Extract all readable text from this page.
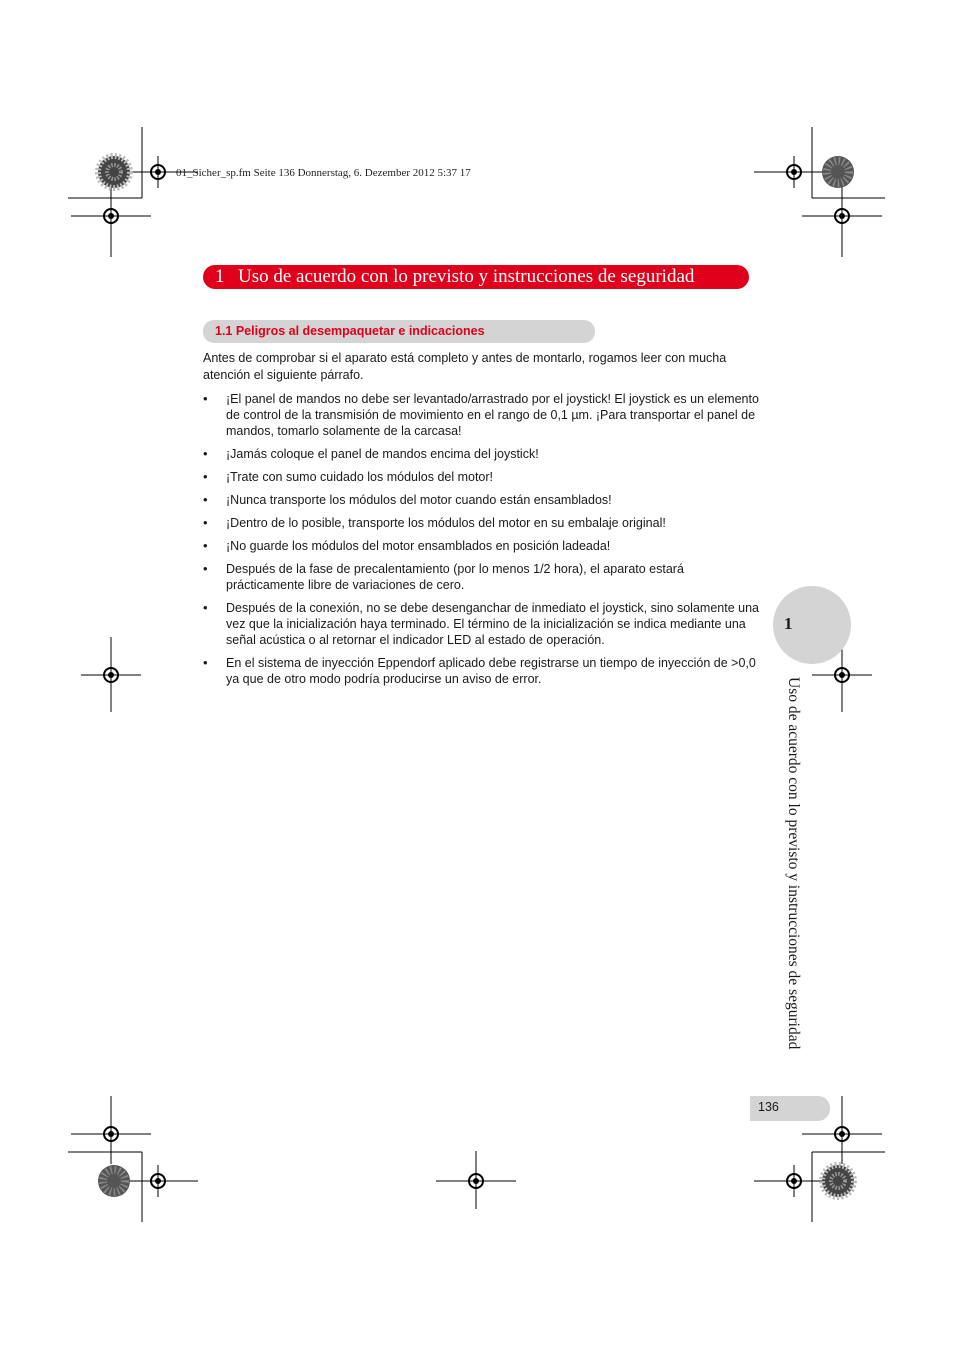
01_Sicher_sp.fm Seite 136 Donnerstag, 6. Dezember 2012 5:37 17
1 Uso de acuerdo con lo previsto y instrucciones de seguridad
1.1 Peligros al desempaquetar e indicaciones
Antes de comprobar si el aparato está completo y antes de montarlo, rogamos leer con mucha atención el siguiente párrafo.
• ¡El panel de mandos no debe ser levantado/arrastrado por el joystick! El joystick es un elemento de control de la transmisión de movimiento en el rango de 0,1 µm. ¡Para transportar el panel de mandos, tomarlo solamente de la carcasa!
• ¡Jamás coloque el panel de mandos encima del joystick!
• ¡Trate con sumo cuidado los módulos del motor!
• ¡Nunca transporte los módulos del motor cuando están ensamblados!
• ¡Dentro de lo posible, transporte los módulos del motor en su embalaje original!
• ¡No guarde los módulos del motor ensamblados en posición ladeada!
• Después de la fase de precalentamiento (por lo menos 1/2 hora), el aparato estará prácticamente libre de variaciones de cero.
• Después de la conexión, no se debe desenganchar de inmediato el joystick, sino solamente una vez que la inicialización haya terminado. El término de la inicialización se indica mediante una señal acústica o al retornar el indicador LED al estado de operación.
• En el sistema de inyección Eppendorf aplicado debe registrarse un tiempo de inyección de >0,0 ya que de otro modo podría producirse un aviso de error.
1
Uso de acuerdo con lo previsto y instrucciones de seguridad
136
